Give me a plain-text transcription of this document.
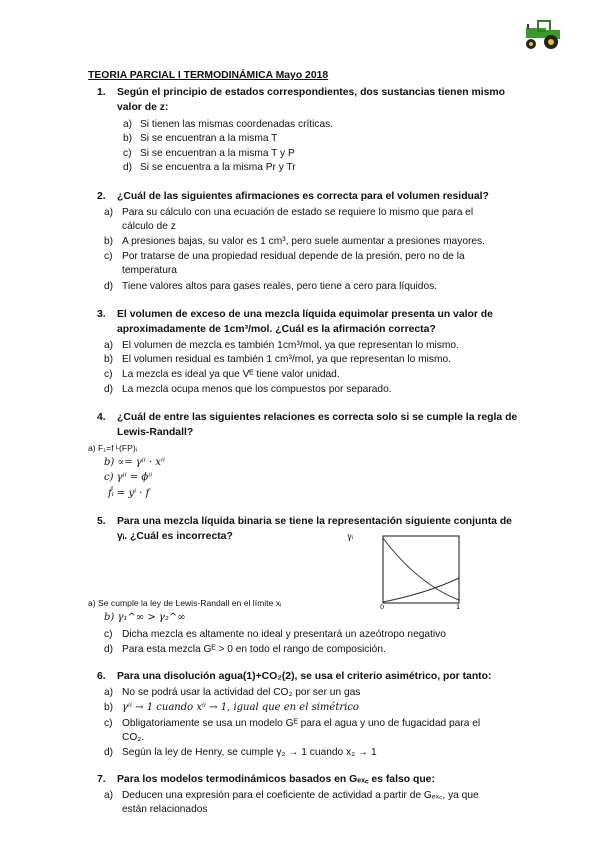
TEORIA PARCIAL I TERMODINÁMICA Mayo 2018
1. Según el principio de estados correspondientes, dos sustancias tienen mismo
valor de z:
a) Si tienen las mismas coordenadas críticas.
b) Si se encuentran a la misma T
c) Si se encuentran a la misma T y P
d) Si se encuentra a la misma Pr y Tr
2. ¿Cuál de las siguientes afirmaciones es correcta para el volumen residual?
a) Para su cálculo con una ecuación de estado se requiere lo mismo que para el
cálculo de z
b) A presiones bajas, su valor es 1 cm³, pero suele aumentar a presiones mayores.
c) Por tratarse de una propiedad residual depende de la presión, pero no de la
temperatura
d) Tiene valores altos para gases reales, pero tiene a cero para líquidos.
3. El volumen de exceso de una mezcla líquida equimolar presenta un valor de
aproximadamente de 1cm³/mol. ¿Cuál es la afirmación correcta?
a) El volumen de mezcla es también 1cm³/mol, ya que representan lo mismo.
b) El volumen residual es también 1 cm³/mol, ya que representan lo mismo.
c) La mezcla es ideal ya que Vᴱ tiene valor unidad.
d) La mezcla ocupa menos que los compuestos por separado.
4. ¿Cuál de entre las siguientes relaciones es correcta solo si se cumple la regla de
Lewis-Randall?
a) F₁=f ᴸ(FP)ᵢ
b) ∝= γⁱⁱ · xⁱⁱ
c) γⁱⁱ = ϕⁱⁱ
f̂ᵢ = yⁱ · f
5. Para una mezcla líquida binaria se tiene la representación siguiente conjunta de
γᵢ. ¿Cuál es incorrecta?	γᵢ
0	1
a) Se cumple la ley de Lewis-Randall en el límite xᵢ
b) γ₁^∞ > γ₂^∞
c) Dicha mezcla es altamente no ideal y presentará un azeótropo negativo
d) Para esta mezcla Gᴱ > 0 en todo el rango de composición.
6. Para una disolución agua(1)+CO₂(2), se usa el criterio asimétrico, por tanto:
a) No se podrá usar la actividad del CO₂ por ser un gas
b) γⁱⁱ → 1 cuando xⁱⁱ → 1, igual que en el simétrico
c) Obligatoriamente se usa un modelo Gᴱ para el agua y uno de fugacidad para el
CO₂.
d) Según la ley de Henry, se cumple γ₂ → 1 cuando x₂ → 1
7. Para los modelos termodinámicos basados en Gₑₓ꜀ es falso que:
a) Deducen una expresión para el coeficiente de actividad a partir de Gₑₓ꜀, ya que
están relacionados
